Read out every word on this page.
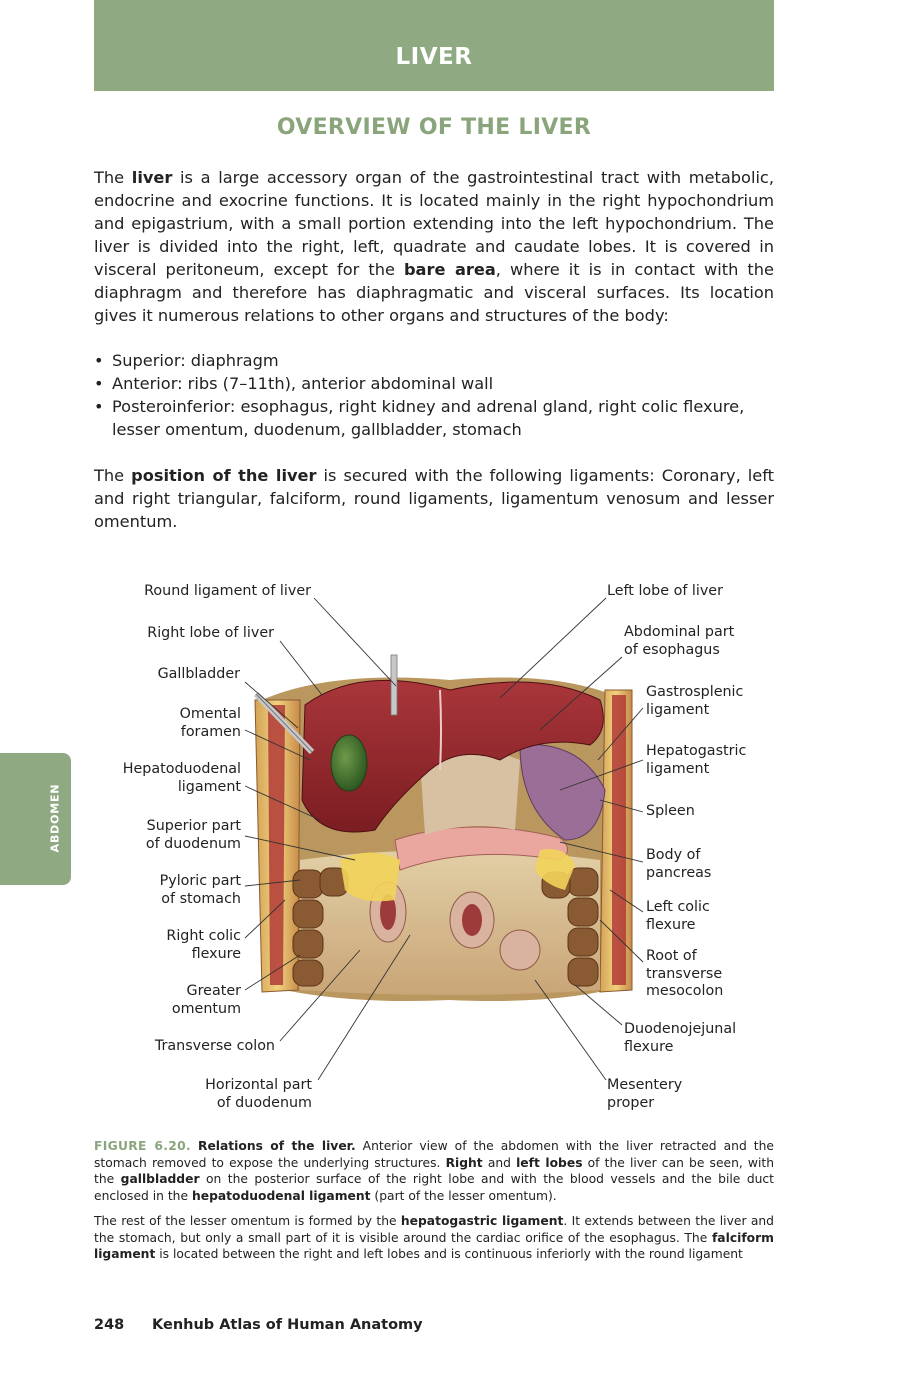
LIVER
OVERVIEW OF THE LIVER

The liver is a large accessory organ of the gastrointestinal tract with metabolic, endocrine and exocrine functions. It is located mainly in the right hypochondrium and epigastrium, with a small portion extending into the left hypochondrium. The liver is divided into the right, left, quadrate and caudate lobes. It is covered in visceral peritoneum, except for the bare area, where it is in contact with the diaphragm and therefore has diaphragmatic and visceral surfaces. Its location gives it numerous relations to other organs and structures of the body:

• Superior: diaphragm
• Anterior: ribs (7–11th), anterior abdominal wall
• Posteroinferior: esophagus, right kidney and adrenal gland, right colic flexure, lesser omentum, duodenum, gallbladder, stomach

The position of the liver is secured with the following ligaments: Coronary, left and right triangular, falciform, round ligaments, ligamentum venosum and lesser omentum.

ABDOMEN
Round ligament of liver
Right lobe of liver
Gallbladder
Omental
foramen
Hepatoduodenal
ligament
Superior part
of duodenum
Pyloric part
of stomach
Right colic
flexure
Greater
omentum
Transverse colon
Horizontal part
of duodenum
Left lobe of liver
Abdominal part
of esophagus
Gastrosplenic
ligament
Hepatogastric
ligament
Spleen
Body of
pancreas
Left colic
flexure
Root of
transverse
mesocolon
Duodenojejunal
flexure
Mesentery
proper

FIGURE 6.20. Relations of the liver. Anterior view of the abdomen with the liver retracted and the stomach removed to expose the underlying structures. Right and left lobes of the liver can be seen, with the gallbladder on the posterior surface of the right lobe and with the blood vessels and the bile duct enclosed in the hepatoduodenal ligament (part of the lesser omentum).

The rest of the lesser omentum is formed by the hepatogastric ligament. It extends between the liver and the stomach, but only a small part of it is visible around the cardiac orifice of the esophagus. The falciform ligament is located between the right and left lobes and is continuous inferiorly with the round ligament

248 Kenhub Atlas of Human Anatomy
